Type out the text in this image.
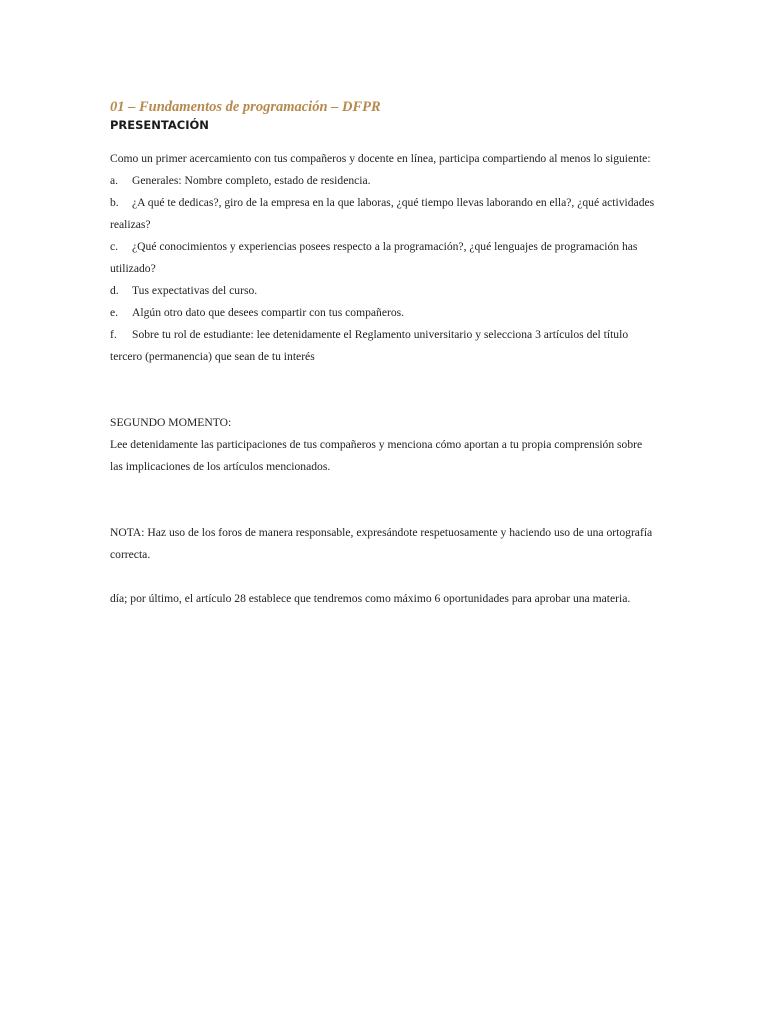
01 – Fundamentos de programación – DFPR

PRESENTACIÓN

Como un primer acercamiento con tus compañeros y docente en línea, participa compartiendo al menos lo siguiente:

a. Generales: Nombre completo, estado de residencia.
b. ¿A qué te dedicas?, giro de la empresa en la que laboras, ¿qué tiempo llevas laborando en ella?, ¿qué actividades realizas?
c. ¿Qué conocimientos y experiencias posees respecto a la programación?, ¿qué lenguajes de programación has utilizado?
d. Tus expectativas del curso.
e. Algún otro dato que desees compartir con tus compañeros.
f. Sobre tu rol de estudiante: lee detenidamente el Reglamento universitario y selecciona 3 artículos del título tercero (permanencia) que sean de tu interés

SEGUNDO MOMENTO:

Lee detenidamente las participaciones de tus compañeros y menciona cómo aportan a tu propia comprensión sobre las implicaciones de los artículos mencionados.

NOTA: Haz uso de los foros de manera responsable, expresándote respetuosamente y haciendo uso de una ortografía correcta.

día; por último, el artículo 28 establece que tendremos como máximo 6 oportunidades para aprobar una materia.
